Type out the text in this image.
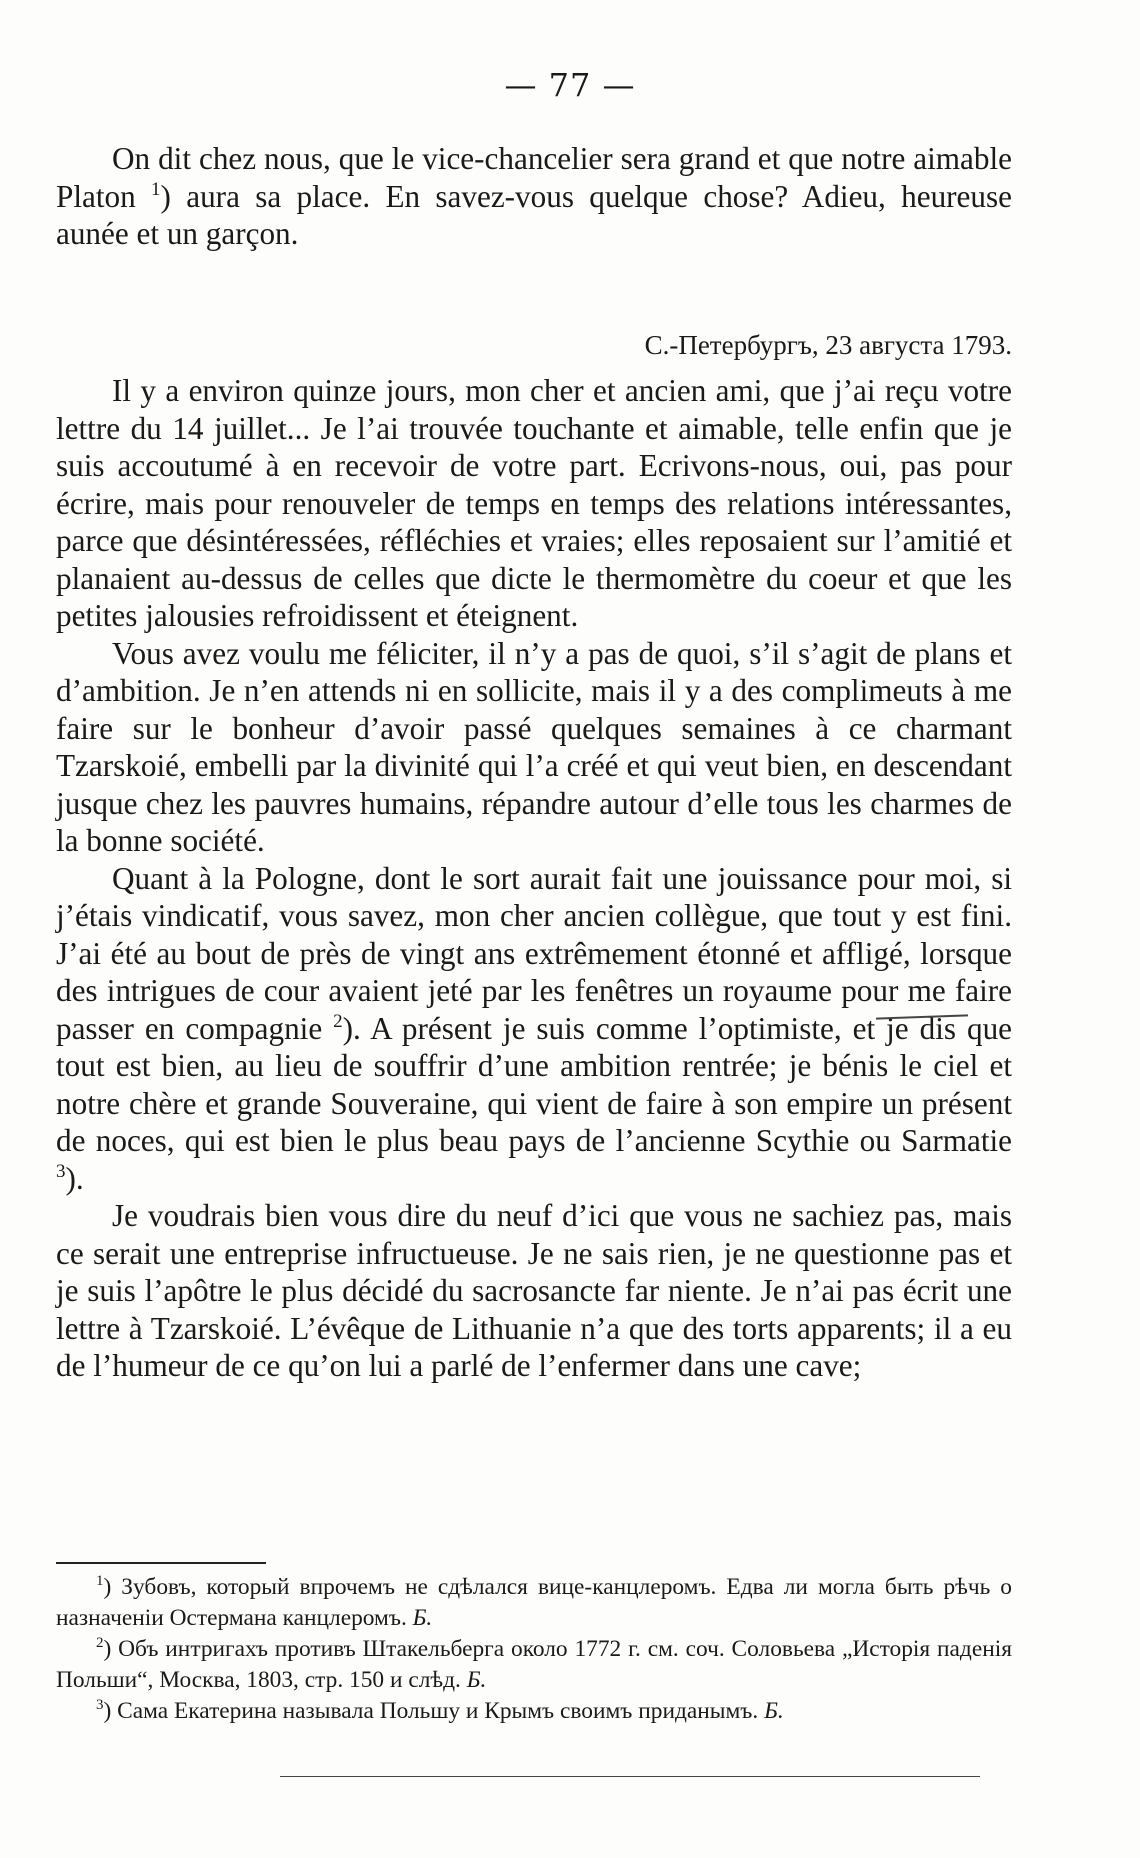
— 77 —

On dit chez nous, que le vice-chancelier sera grand et que notre aimable Platon $^1$) aura sa place. En savez-vous quelque chose? Adieu, heureuse aunée et un garçon.

С.-Петербургъ, 23 августа 1793.

Il y a environ quinze jours, mon cher et ancien ami, que j’ai reçu votre lettre du 14 juillet... Je l’ai trouvée touchante et aimable, telle enfin que je suis accoutumé à en recevoir de votre part. Ecrivons-nous, oui, pas pour écrire, mais pour renouveler de temps en temps des relations intéressantes, parce que désintéressées, réfléchies et vraies; elles reposaient sur l’amitié et planaient au-dessus de celles que dicte le thermomètre du coeur et que les petites jalousies refroidissent et éteignent.

Vous avez voulu me féliciter, il n’y a pas de quoi, s’il s’agit de plans et d’ambition. Je n’en attends ni en sollicite, mais il y a des complimeuts à me faire sur le bonheur d’avoir passé quelques semaines à ce charmant Tzarskoié, embelli par la divinité qui l’a créé et qui veut bien, en descendant jusque chez les pauvres humains, répandre autour d’elle tous les charmes de la bonne société.

Quant à la Pologne, dont le sort aurait fait une jouissance pour moi, si j’étais vindicatif, vous savez, mon cher ancien collègue, que tout y est fini. J’ai été au bout de près de vingt ans extrêmement étonné et affligé, lorsque des intrigues de cour avaient jeté par les fenêtres un royaume pour me faire passer en compagnie $^2$). A présent je suis comme l’optimiste, et je dis que tout est bien, au lieu de souffrir d’une ambition rentrée; je bénis le ciel et notre chère et grande Souveraine, qui vient de faire à son empire un présent de noces, qui est bien le plus beau pays de l’ancienne Scythie ou Sarmatie $^3$).

Je voudrais bien vous dire du neuf d’ici que vous ne sachiez pas, mais ce serait une entreprise infructueuse. Je ne sais rien, je ne questionne pas et je suis l’apôtre le plus décidé du sacrosancte far niente. Je n’ai pas écrit une lettre à Tzarskoié. L’évêque de Lithuanie n’a que des torts apparents; il a eu de l’humeur de ce qu’on lui a parlé de l’enfermer dans une cave;

$^1$) Зубовъ, который впрочемъ не сдѣлался вице-канцлеромъ. Едва ли могла быть рѣчь о назначеніи Остермана канцлеромъ. Б.

$^2$) Объ интригахъ противъ Штакельберга около 1772 г. см. соч. Соловьева „Исторія паденія Польши“, Москва, 1803, стр. 150 и слѣд. Б.

$^3$) Сама Екатерина называла Польшу и Крымъ своимъ приданымъ. Б.
